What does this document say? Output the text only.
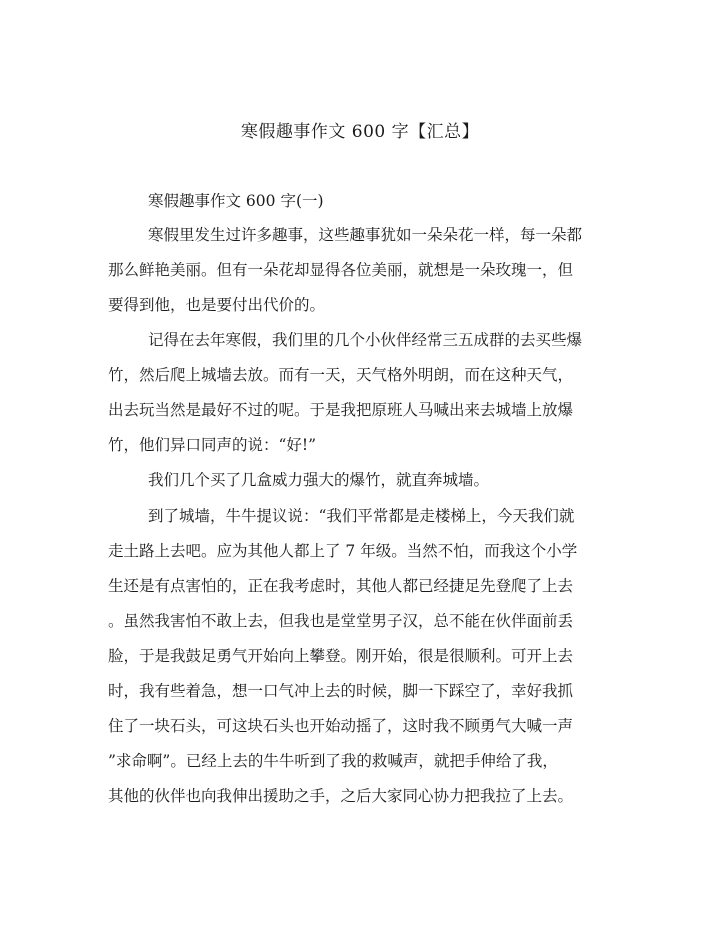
寒假趣事作文 600 字【汇总】
寒假趣事作文 600 字(一)
寒假里发生过许多趣事，这些趣事犹如一朵朵花一样，每一朵都
那么鲜艳美丽。但有一朵花却显得各位美丽，就想是一朵玫瑰一，但
要得到他，也是要付出代价的。
记得在去年寒假，我们里的几个小伙伴经常三五成群的去买些爆
竹，然后爬上城墙去放。而有一天，天气格外明朗，而在这种天气，
出去玩当然是最好不过的呢。于是我把原班人马喊出来去城墙上放爆
竹，他们异口同声的说：“好!”
我们几个买了几盒威力强大的爆竹，就直奔城墙。
到了城墙，牛牛提议说：“我们平常都是走楼梯上，今天我们就
走土路上去吧。应为其他人都上了 7 年级。当然不怕，而我这个小学
生还是有点害怕的，正在我考虑时，其他人都已经捷足先登爬了上去
。虽然我害怕不敢上去，但我也是堂堂男子汉，总不能在伙伴面前丢
脸，于是我鼓足勇气开始向上攀登。刚开始，很是很顺利。可开上去
时，我有些着急，想一口气冲上去的时候，脚一下踩空了，幸好我抓
住了一块石头，可这块石头也开始动摇了，这时我不顾勇气大喊一声
”求命啊”。已经上去的牛牛听到了我的救喊声，就把手伸给了我，
其他的伙伴也向我伸出援助之手，之后大家同心协力把我拉了上去。
